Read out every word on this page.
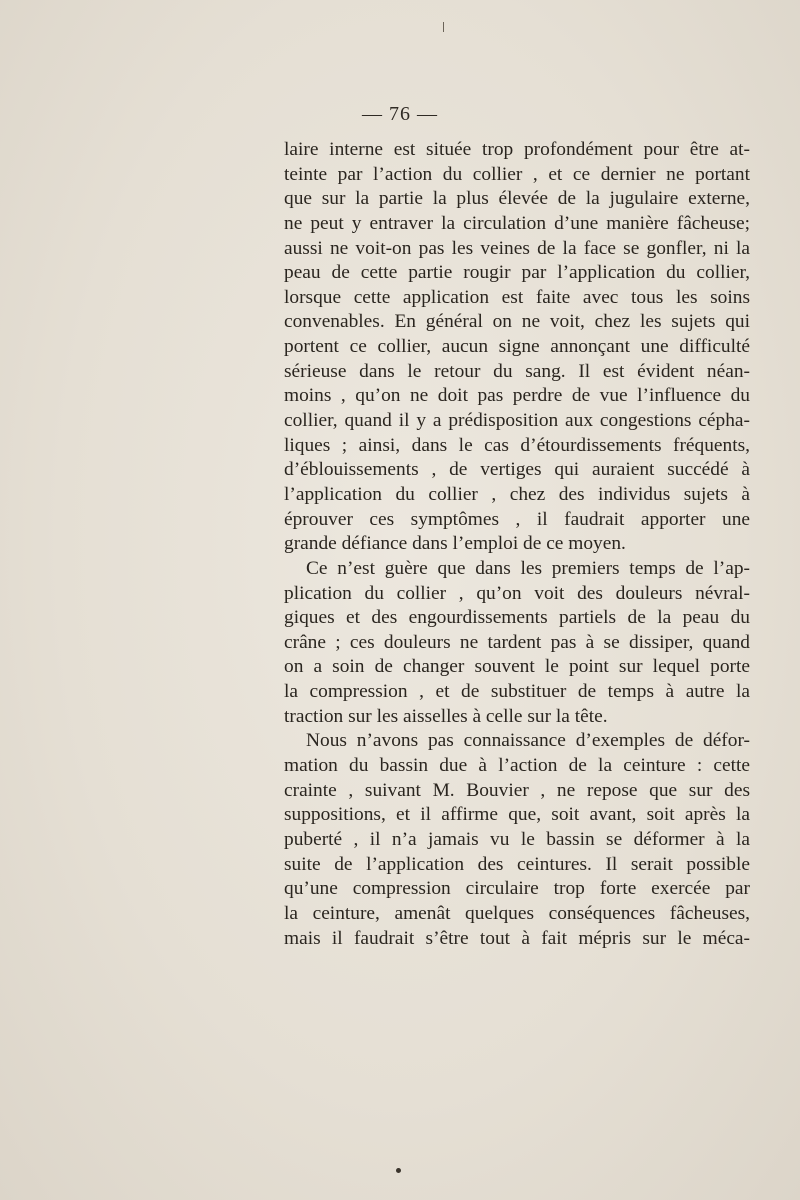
— 76 —
laire interne est située trop profondément pour être at-
teinte par l’action du collier , et ce dernier ne portant
que sur la partie la plus élevée de la jugulaire externe,
ne peut y entraver la circulation d’une manière fâcheuse;
aussi ne voit-on pas les veines de la face se gonfler, ni la
peau de cette partie rougir par l’application du collier,
lorsque cette application est faite avec tous les soins
convenables. En général on ne voit, chez les sujets qui
portent ce collier, aucun signe annonçant une difficulté
sérieuse dans le retour du sang. Il est évident néan-
moins , qu’on ne doit pas perdre de vue l’influence du
collier, quand il y a prédisposition aux congestions cépha-
liques ; ainsi, dans le cas d’étourdissements fréquents,
d’éblouissements , de vertiges qui auraient succédé à
l’application du collier , chez des individus sujets à
éprouver ces symptômes , il faudrait apporter une
grande défiance dans l’emploi de ce moyen.
Ce n’est guère que dans les premiers temps de l’ap-
plication du collier , qu’on voit des douleurs névral-
giques et des engourdissements partiels de la peau du
crâne ; ces douleurs ne tardent pas à se dissiper, quand
on a soin de changer souvent le point sur lequel porte
la compression , et de substituer de temps à autre la
traction sur les aisselles à celle sur la tête.
Nous n’avons pas connaissance d’exemples de défor-
mation du bassin due à l’action de la ceinture : cette
crainte , suivant M. Bouvier , ne repose que sur des
suppositions, et il affirme que, soit avant, soit après la
puberté , il n’a jamais vu le bassin se déformer à la
suite de l’application des ceintures. Il serait possible
qu’une compression circulaire trop forte exercée par
la ceinture, amenât quelques conséquences fâcheuses,
mais il faudrait s’être tout à fait mépris sur le méca-
